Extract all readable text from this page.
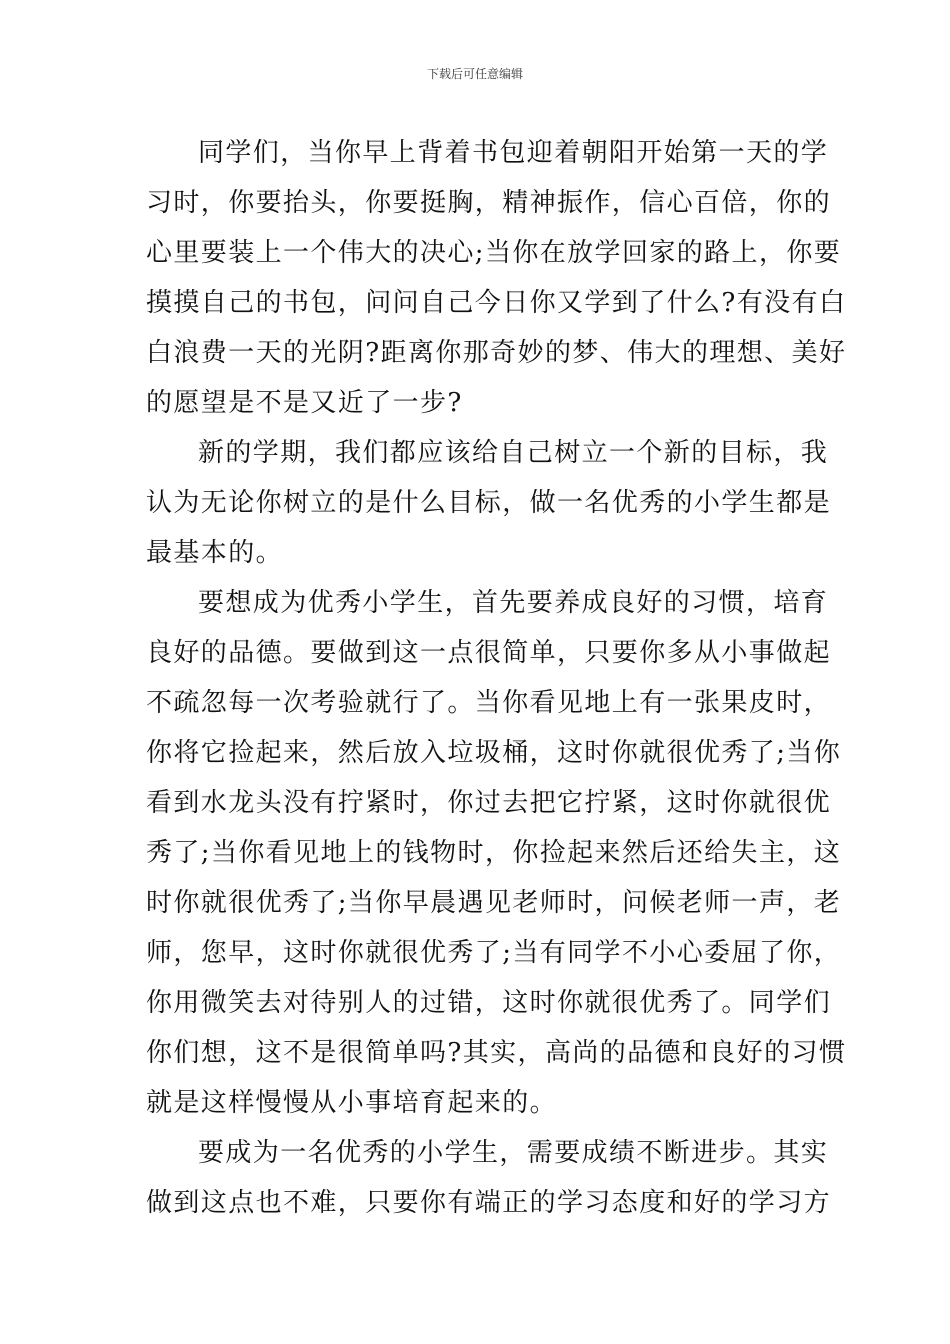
下载后可任意编辑
同学们，当你早上背着书包迎着朝阳开始第一天的学
习时，你要抬头，你要挺胸，精神振作，信心百倍，你的
心里要装上一个伟大的决心;当你在放学回家的路上，你要
摸摸自己的书包，问问自己今日你又学到了什么?有没有白
白浪费一天的光阴?距离你那奇妙的梦、伟大的理想、美好
的愿望是不是又近了一步?
新的学期，我们都应该给自己树立一个新的目标，我
认为无论你树立的是什么目标，做一名优秀的小学生都是
最基本的。
要想成为优秀小学生，首先要养成良好的习惯，培育
良好的品德。要做到这一点很简单，只要你多从小事做起
不疏忽每一次考验就行了。当你看见地上有一张果皮时，
你将它捡起来，然后放入垃圾桶，这时你就很优秀了;当你
看到水龙头没有拧紧时，你过去把它拧紧，这时你就很优
秀了;当你看见地上的钱物时，你捡起来然后还给失主，这
时你就很优秀了;当你早晨遇见老师时，问候老师一声，老
师，您早，这时你就很优秀了;当有同学不小心委屈了你，
你用微笑去对待别人的过错，这时你就很优秀了。同学们
你们想，这不是很简单吗?其实，高尚的品德和良好的习惯
就是这样慢慢从小事培育起来的。
要成为一名优秀的小学生，需要成绩不断进步。其实
做到这点也不难，只要你有端正的学习态度和好的学习方
